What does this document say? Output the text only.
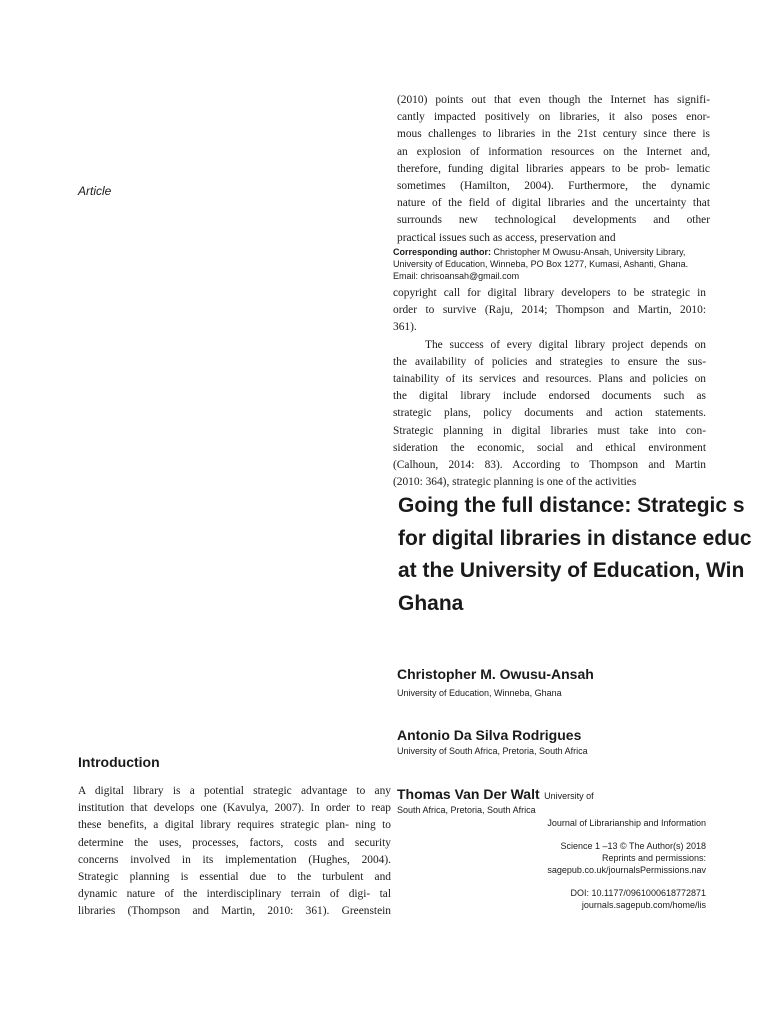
Article
(2010) points out that even though the Internet has signifi-
cantly impacted positively on libraries, it also poses enor-
mous challenges to libraries in the 21st century since there is
an explosion of information resources on the Internet and,
therefore, funding digital libraries appears to be prob- lematic
sometimes (Hamilton, 2004). Furthermore, the dynamic
nature of the field of digital libraries and the uncertainty that
surrounds new technological developments and other
practical issues such as access, preservation and
Corresponding author: Christopher M Owusu-Ansah, University Library,
University of Education, Winneba, PO Box 1277, Kumasi, Ashanti, Ghana.
Email: chrisoansah@gmail.com
copyright call for digital library developers to be strategic in
order to survive (Raju, 2014; Thompson and Martin, 2010:
361).
The success of every digital library project depends on
the availability of policies and strategies to ensure the sus-
tainability of its services and resources. Plans and policies on
the digital library include endorsed documents such as
strategic plans, policy documents and action statements.
Strategic planning in digital libraries must take into con-
sideration the economic, social and ethical environment
(Calhoun, 2014: 83). According to Thompson and Martin
(2010: 364), strategic planning is one of the activities
Going the full distance: Strategic s
for digital libraries in distance educ
at the University of Education, Win
Ghana
Christopher M. Owusu-Ansah
University of Education, Winneba, Ghana
Antonio Da Silva Rodrigues
University of South Africa, Pretoria, South Africa
Thomas Van Der Walt University of
South Africa, Pretoria, South Africa
Journal of Librarianship and Information
Science 1 –13 © The Author(s) 2018
Reprints and permissions:
sagepub.co.uk/journalsPermissions.nav
DOI: 10.1177/0961000618772871
journals.sagepub.com/home/lis
Introduction
A digital library is a potential strategic advantage to any
institution that develops one (Kavulya, 2007). In order to reap
these benefits, a digital library requires strategic plan- ning to
determine the uses, processes, factors, costs and security
concerns involved in its implementation (Hughes, 2004).
Strategic planning is essential due to the turbulent and
dynamic nature of the interdisciplinary terrain of digi- tal
libraries (Thompson and Martin, 2010: 361). Greenstein
